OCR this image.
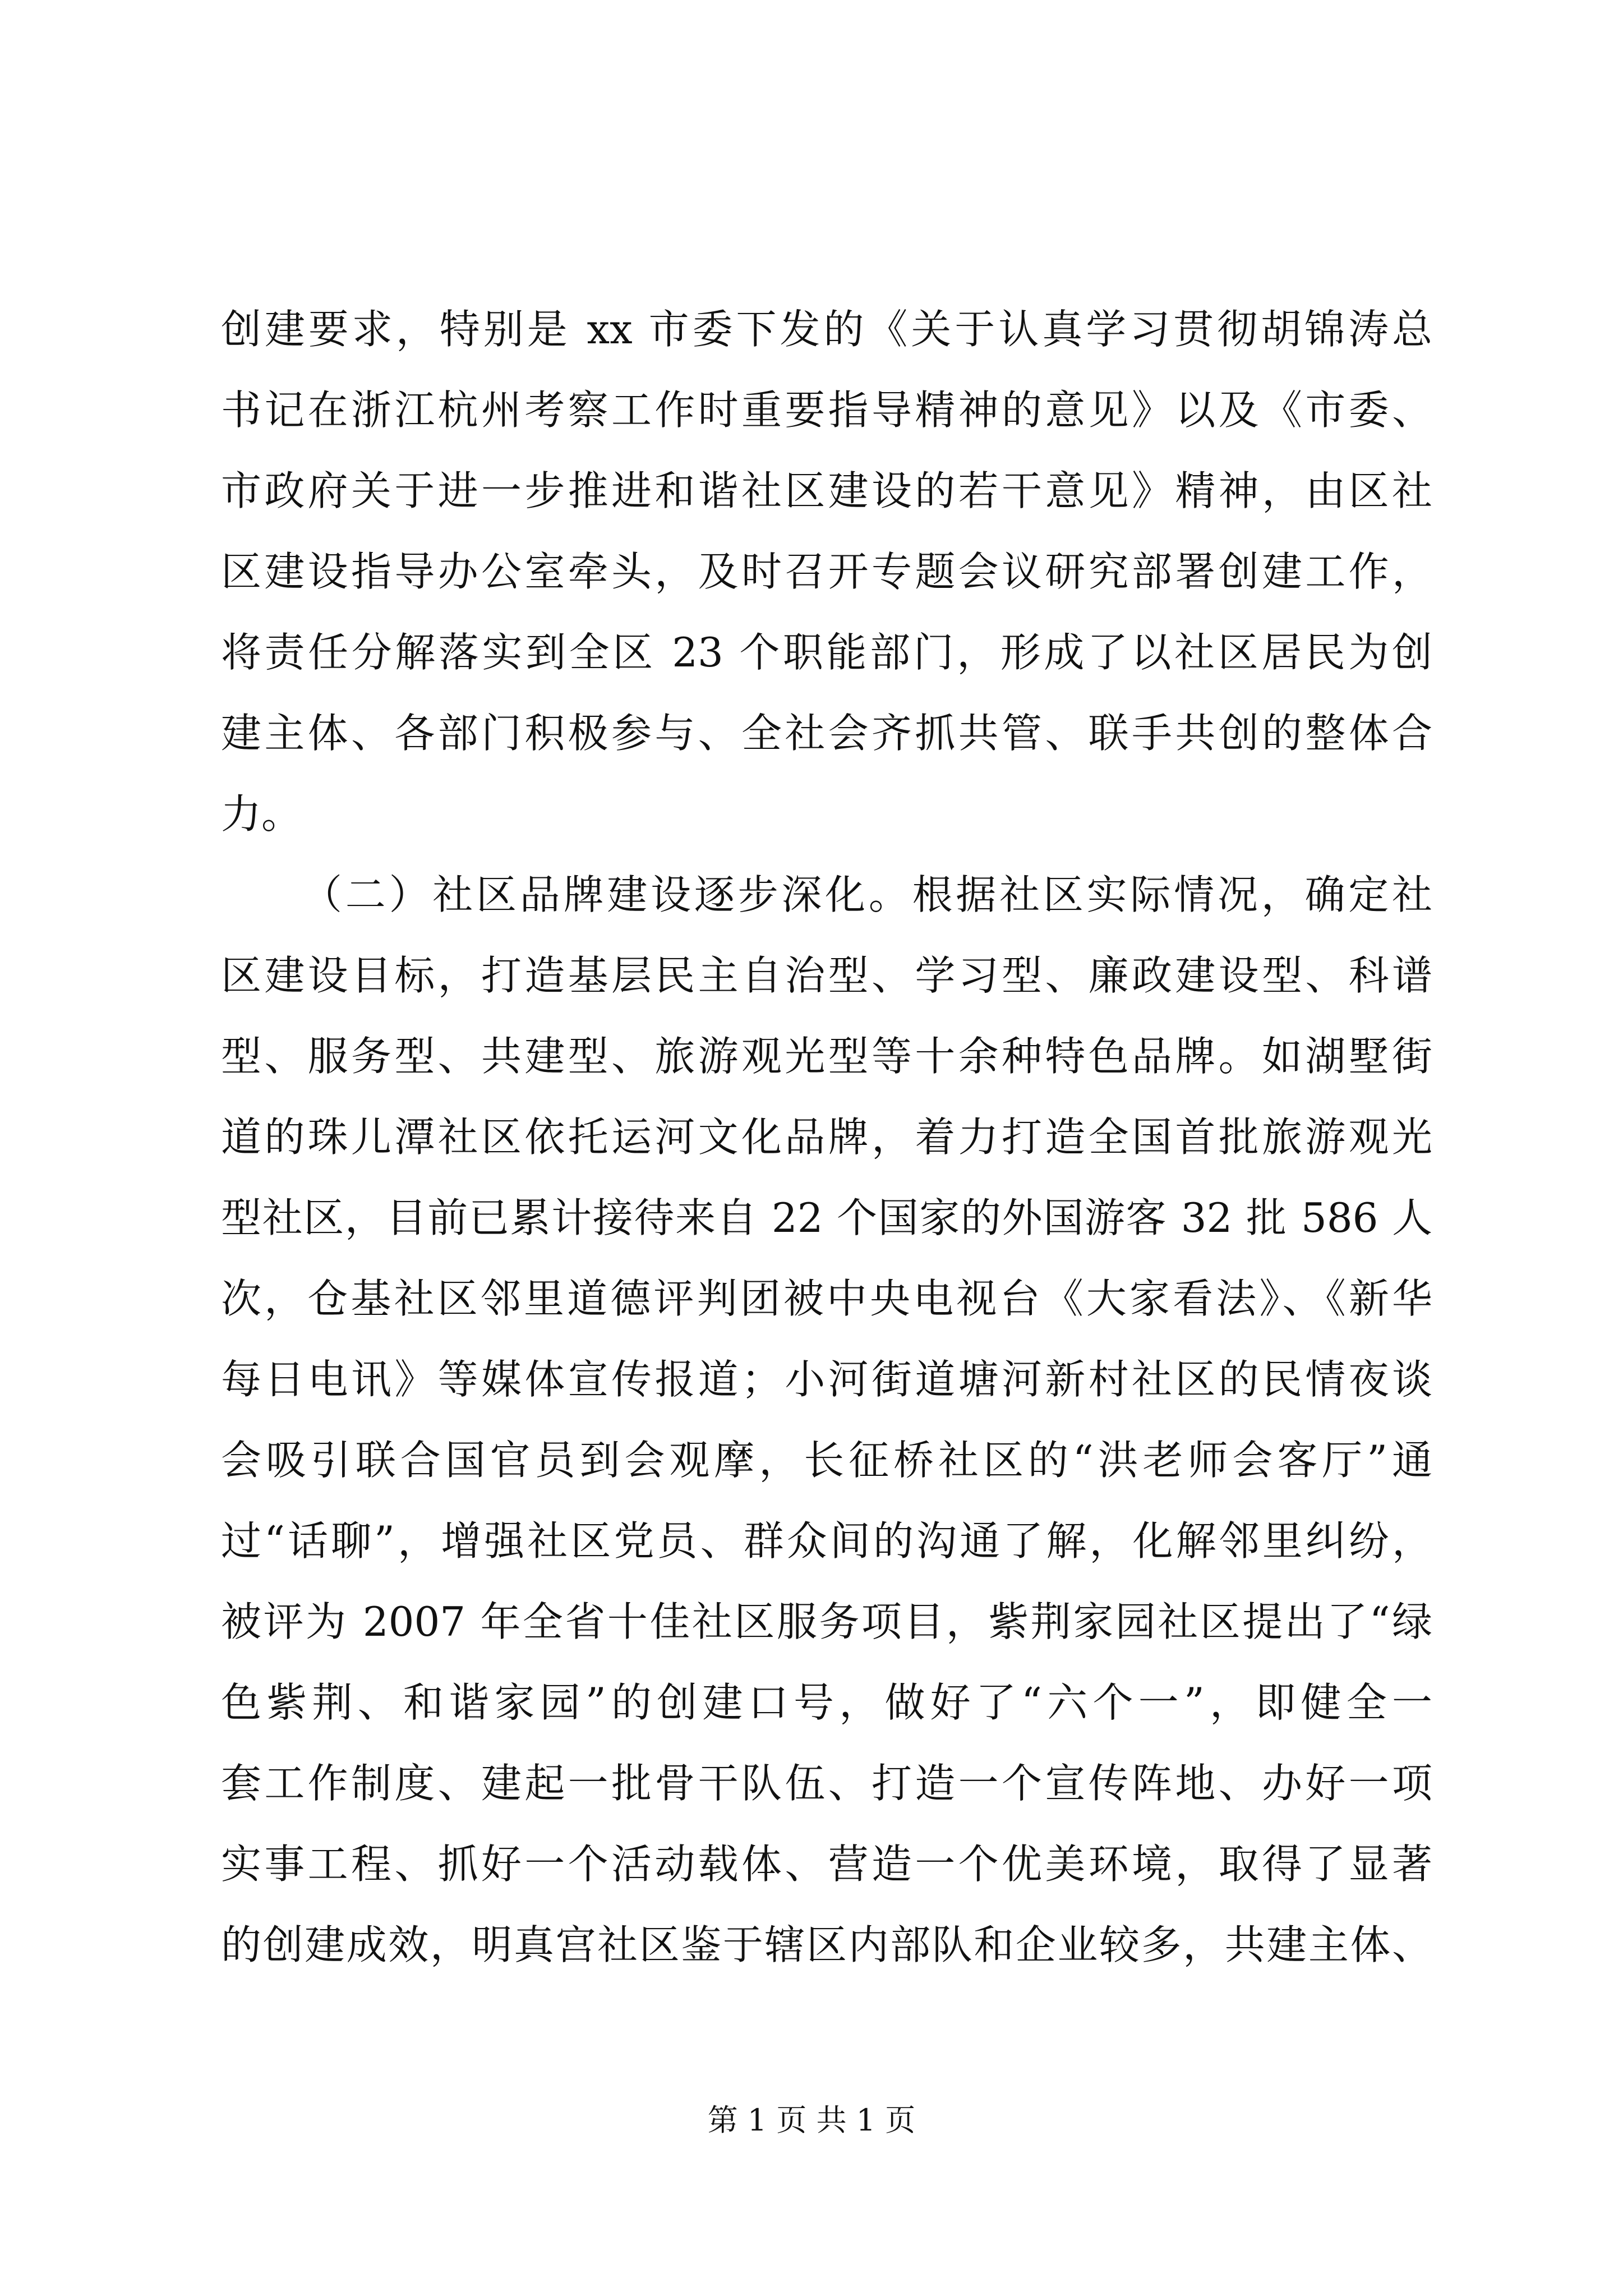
创建要求，特别是 xx 市委下发的《关于认真学习贯彻胡锦涛总
书记在浙江杭州考察工作时重要指导精神的意见》以及《市委、
市政府关于进一步推进和谐社区建设的若干意见》精神，由区社
区建设指导办公室牵头，及时召开专题会议研究部署创建工作，
将责任分解落实到全区 23 个职能部门，形成了以社区居民为创
建主体、各部门积极参与、全社会齐抓共管、联手共创的整体合
力。
（二）社区品牌建设逐步深化。根据社区实际情况，确定社
区建设目标，打造基层民主自治型、学习型、廉政建设型、科谱
型、服务型、共建型、旅游观光型等十余种特色品牌。如湖墅街
道的珠儿潭社区依托运河文化品牌，着力打造全国首批旅游观光
型社区，目前已累计接待来自 22 个国家的外国游客 32 批 586 人
次，仓基社区邻里道德评判团被中央电视台《大家看法》、《新华
每日电讯》等媒体宣传报道；小河街道塘河新村社区的民情夜谈
会吸引联合国官员到会观摩，长征桥社区的“洪老师会客厅”通
过“话聊”，增强社区党员、群众间的沟通了解，化解邻里纠纷，
被评为 2007 年全省十佳社区服务项目，紫荆家园社区提出了“绿
色紫荆、和谐家园”的创建口号，做好了“六个一”，即健全一
套工作制度、建起一批骨干队伍、打造一个宣传阵地、办好一项
实事工程、抓好一个活动载体、营造一个优美环境，取得了显著
的创建成效，明真宫社区鉴于辖区内部队和企业较多，共建主体、
第 1 页 共 1 页
